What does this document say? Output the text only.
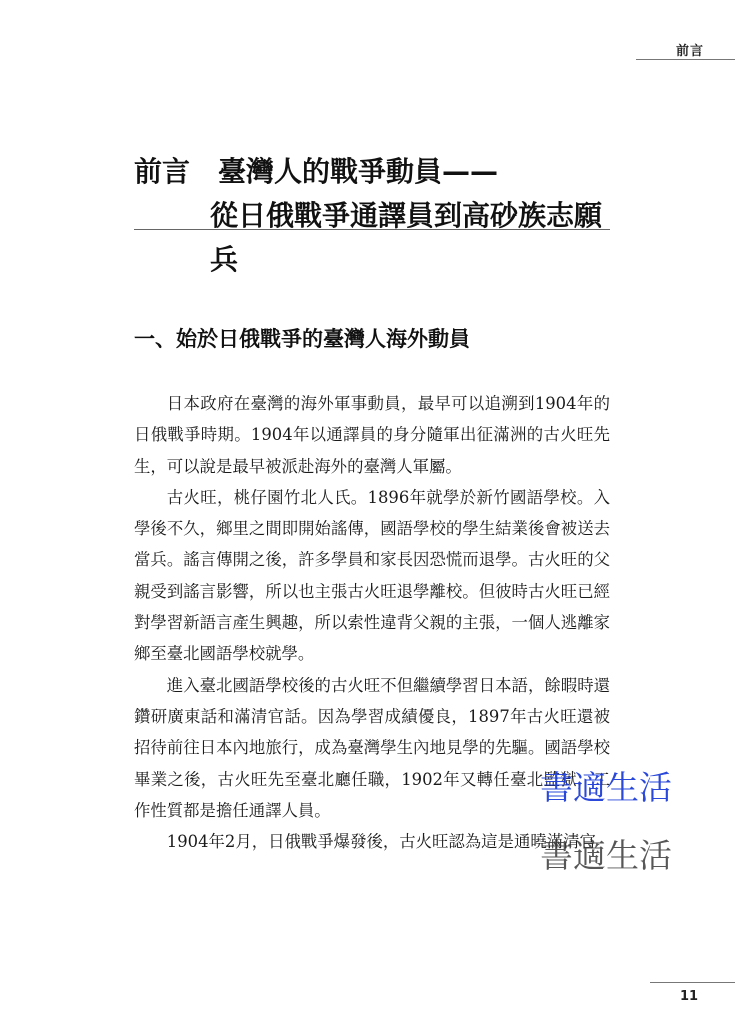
前言
前言　臺灣人的戰爭動員——
從日俄戰爭通譯員到高砂族志願兵
一、始於日俄戰爭的臺灣人海外動員

日本政府在臺灣的海外軍事動員，最早可以追溯到1904年的日俄戰爭時期。1904年以通譯員的身分隨軍出征滿洲的古火旺先生，可以說是最早被派赴海外的臺灣人軍屬。

古火旺，桃仔園竹北人氏。1896年就學於新竹國語學校。入學後不久，鄉里之間即開始謠傳，國語學校的學生結業後會被送去當兵。謠言傳開之後，許多學員和家長因恐慌而退學。古火旺的父親受到謠言影響，所以也主張古火旺退學離校。但彼時古火旺已經對學習新語言產生興趣，所以索性違背父親的主張，一個人逃離家鄉至臺北國語學校就學。

進入臺北國語學校後的古火旺不但繼續學習日本語，餘暇時還鑽研廣東話和滿清官話。因為學習成績優良，1897年古火旺還被招待前往日本內地旅行，成為臺灣學生內地見學的先驅。國語學校畢業之後，古火旺先至臺北廳任職，1902年又轉任臺北監獄，工作性質都是擔任通譯人員。

1904年2月，日俄戰爭爆發後，古火旺認為這是通曉滿清官

書適生活
書適生活
11
